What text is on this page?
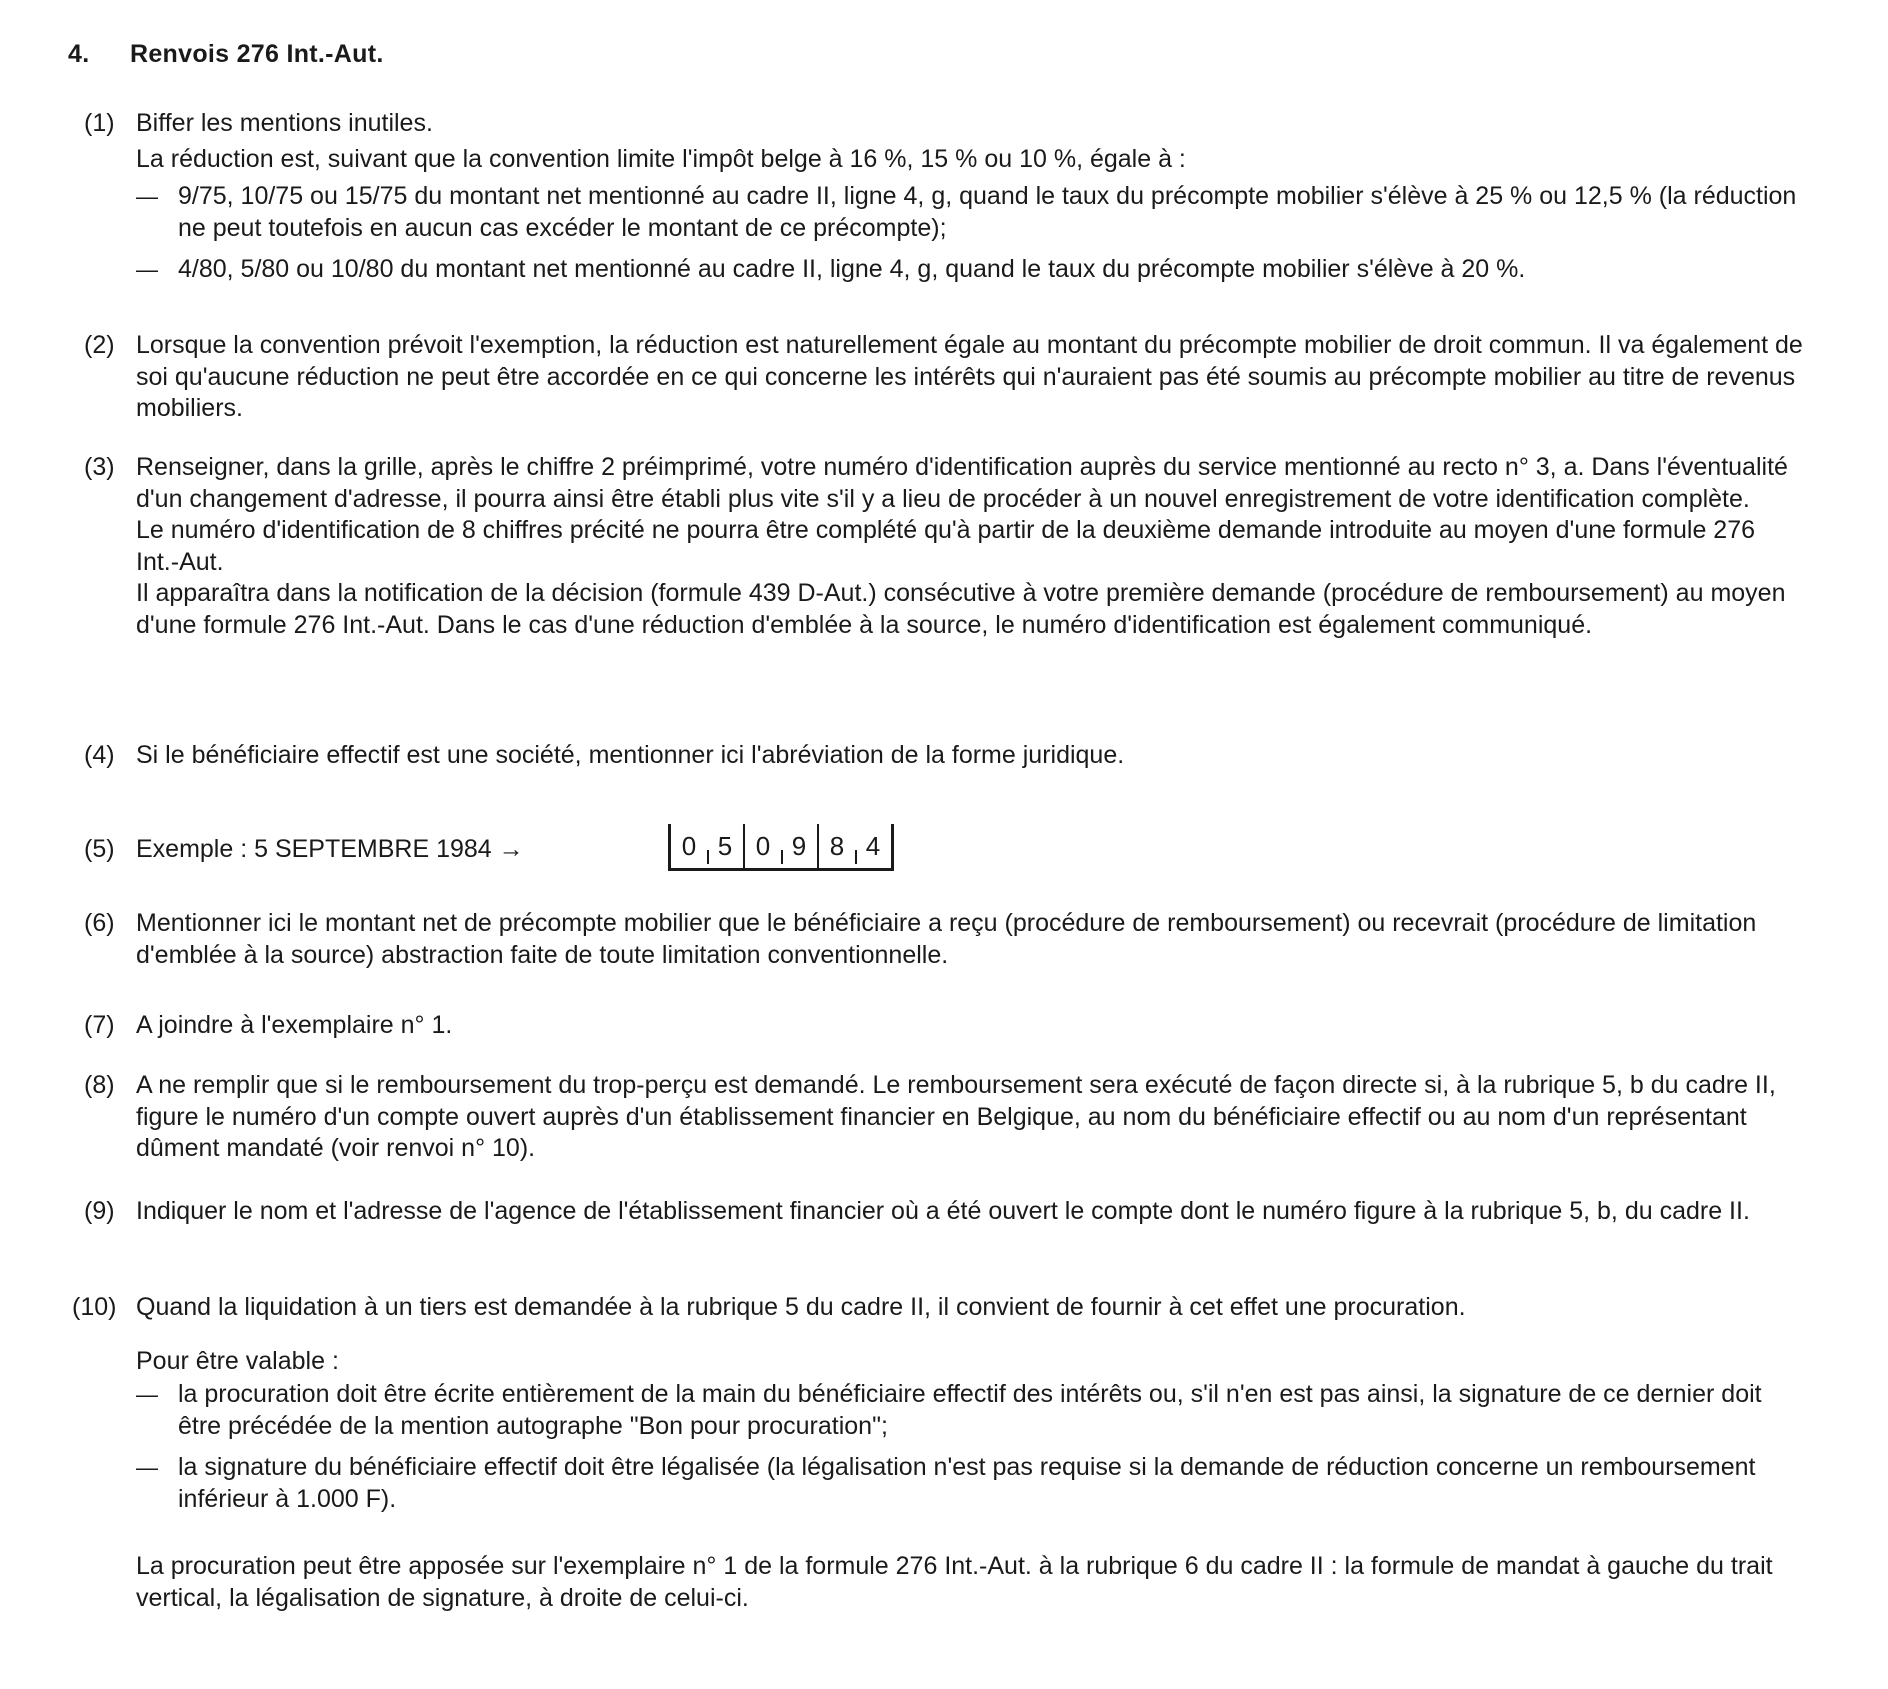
4. Renvois 276 Int.-Aut.
(1) Biffer les mentions inutiles.

La réduction est, suivant que la convention limite l'impôt belge à 16 %, 15 % ou 10 %, égale à :

— 9/75, 10/75 ou 15/75 du montant net mentionné au cadre II, ligne 4, g, quand le taux du précompte mobilier s'élève à 25 % ou 12,5 % (la réduction ne peut toutefois en aucun cas excéder le montant de ce précompte);

— 4/80, 5/80 ou 10/80 du montant net mentionné au cadre II, ligne 4, g, quand le taux du précompte mobilier s'élève à 20 %.

(2) Lorsque la convention prévoit l'exemption, la réduction est naturellement égale au montant du précompte mobilier de droit commun. Il va également de soi qu'aucune réduction ne peut être accordée en ce qui concerne les intérêts qui n'auraient pas été soumis au précompte mobilier au titre de revenus mobiliers.

(3) Renseigner, dans la grille, après le chiffre 2 préimprimé, votre numéro d'identification auprès du service mentionné au recto n° 3, a. Dans l'éventualité d'un changement d'adresse, il pourra ainsi être établi plus vite s'il y a lieu de procéder à un nouvel enregistrement de votre identification complète.

Le numéro d'identification de 8 chiffres précité ne pourra être complété qu'à partir de la deuxième demande introduite au moyen d'une formule 276 Int.-Aut.

Il apparaîtra dans la notification de la décision (formule 439 D-Aut.) consécutive à votre première demande (procédure de remboursement) au moyen d'une formule 276 Int.-Aut. Dans le cas d'une réduction d'emblée à la source, le numéro d'identification est également communiqué.

(4) Si le bénéficiaire effectif est une société, mentionner ici l'abréviation de la forme juridique.

(5) Exemple : 5 SEPTEMBRE 1984 →	0 5 0 9 8 4
(6) Mentionner ici le montant net de précompte mobilier que le bénéficiaire a reçu (procédure de remboursement) ou recevrait (procédure de limitation d'emblée à la source) abstraction faite de toute limitation conventionnelle.

(7) A joindre à l'exemplaire n° 1.

(8) A ne remplir que si le remboursement du trop-perçu est demandé. Le remboursement sera exécuté de façon directe si, à la rubrique 5, b du cadre II, figure le numéro d'un compte ouvert auprès d'un établissement financier en Belgique, au nom du bénéficiaire effectif ou au nom d'un représentant dûment mandaté (voir renvoi n° 10).

(9) Indiquer le nom et l'adresse de l'agence de l'établissement financier où a été ouvert le compte dont le numéro figure à la rubrique 5, b, du cadre II.

(10) Quand la liquidation à un tiers est demandée à la rubrique 5 du cadre II, il convient de fournir à cet effet une procuration.

Pour être valable :

— la procuration doit être écrite entièrement de la main du bénéficiaire effectif des intérêts ou, s'il n'en est pas ainsi, la signature de ce dernier doit être précédée de la mention autographe "Bon pour procuration";

— la signature du bénéficiaire effectif doit être légalisée (la légalisation n'est pas requise si la demande de réduction concerne un remboursement inférieur à 1.000 F).

La procuration peut être apposée sur l'exemplaire n° 1 de la formule 276 Int.-Aut. à la rubrique 6 du cadre II : la formule de mandat à gauche du trait vertical, la légalisation de signature, à droite de celui-ci.
